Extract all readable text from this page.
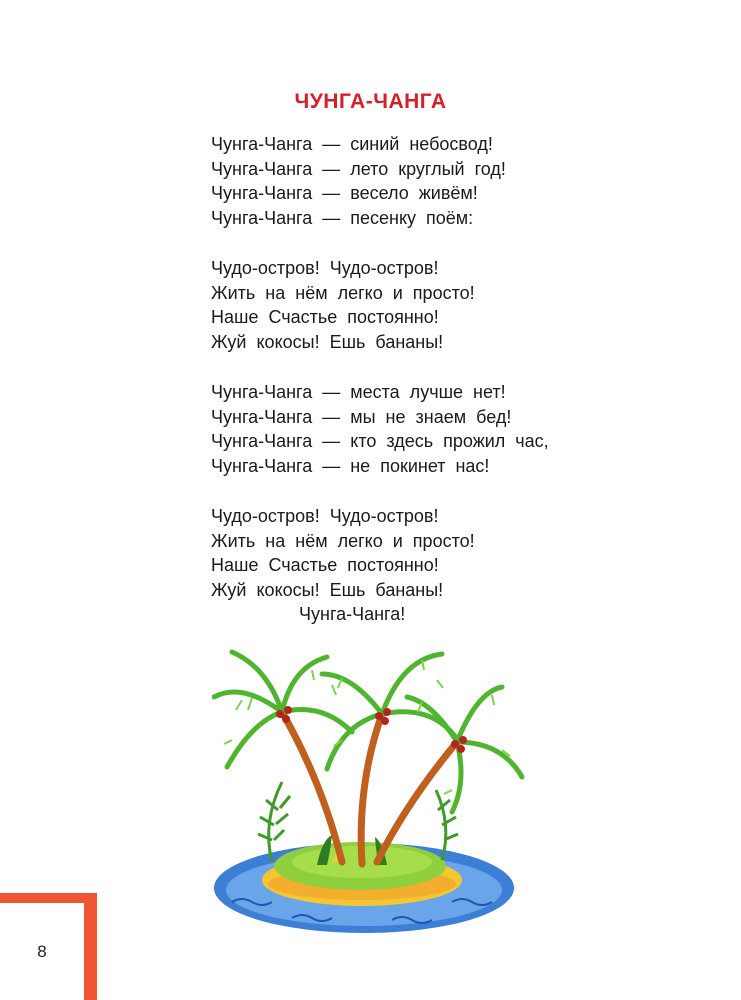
ЧУНГА-ЧАНГА
Чунга-Чанга  —  синий  небосвод!
Чунга-Чанга  —  лето  круглый  год!
Чунга-Чанга  —  весело  живём!
Чунга-Чанга  —  песенку  поём:
Чудо-остров!  Чудо-остров!
Жить  на  нём  легко  и  просто!
Наше  Счастье  постоянно!
Жуй  кокосы!  Ешь  бананы!
Чунга-Чанга  —  места  лучше  нет!
Чунга-Чанга  —  мы  не  знаем  бед!
Чунга-Чанга  —  кто  здесь  прожил  час,
Чунга-Чанга  —  не  покинет  нас!
Чудо-остров!  Чудо-остров!
Жить  на  нём  легко  и  просто!
Наше  Счастье  постоянно!
Жуй  кокосы!  Ешь  бананы!
Чунга-Чанга!
8
